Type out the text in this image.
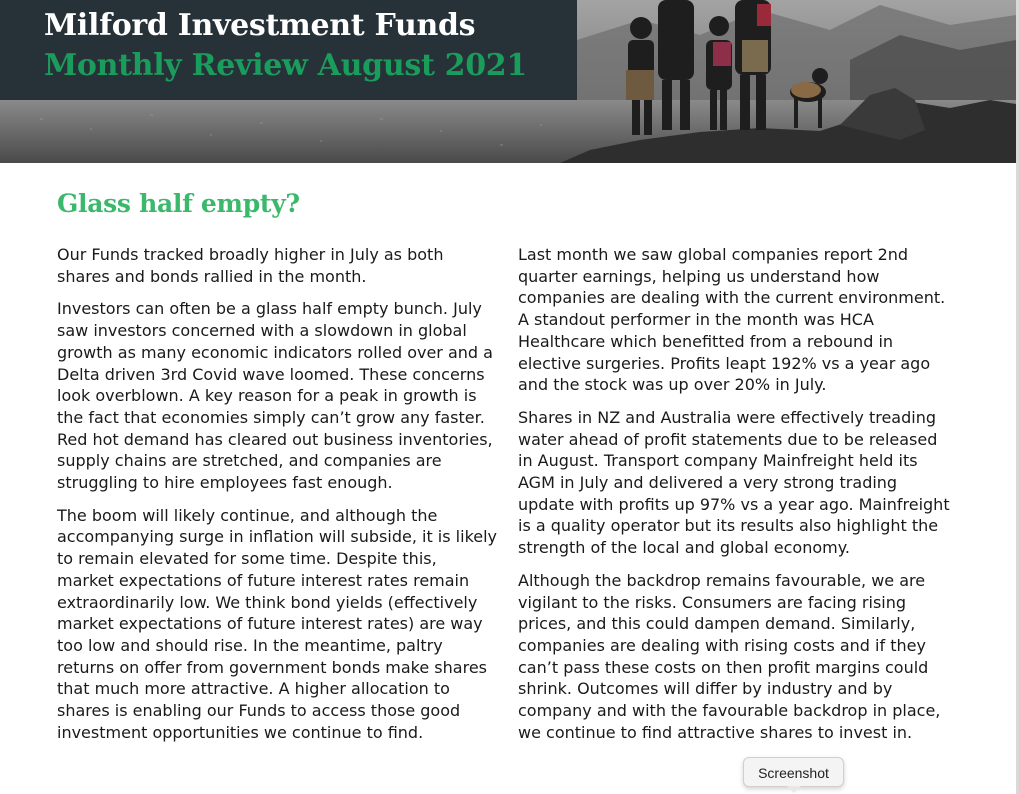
Milford Investment Funds
Monthly Review August 2021
Glass half empty?

Our Funds tracked broadly higher in July as both shares and bonds rallied in the month.

Investors can often be a glass half empty bunch. July saw investors concerned with a slowdown in global growth as many economic indicators rolled over and a Delta driven 3rd Covid wave loomed. These concerns look overblown. A key reason for a peak in growth is the fact that economies simply can’t grow any faster. Red hot demand has cleared out business inventories, supply chains are stretched, and companies are struggling to hire employees fast enough.

The boom will likely continue, and although the accompanying surge in inflation will subside, it is likely to remain elevated for some time. Despite this, market expectations of future interest rates remain extraordinarily low. We think bond yields (effectively market expectations of future interest rates) are way too low and should rise. In the meantime, paltry returns on offer from government bonds make shares that much more attractive. A higher allocation to shares is enabling our Funds to access those good investment opportunities we continue to find.

Last month we saw global companies report 2nd quarter earnings, helping us understand how companies are dealing with the current environment. A standout performer in the month was HCA Healthcare which benefitted from a rebound in elective surgeries. Profits leapt 192% vs a year ago and the stock was up over 20% in July.

Shares in NZ and Australia were effectively treading water ahead of profit statements due to be released in August. Transport company Mainfreight held its AGM in July and delivered a very strong trading update with profits up 97% vs a year ago. Mainfreight is a quality operator but its results also highlight the strength of the local and global economy.

Although the backdrop remains favourable, we are vigilant to the risks. Consumers are facing rising prices, and this could dampen demand. Similarly, companies are dealing with rising costs and if they can’t pass these costs on then profit margins could shrink. Outcomes will differ by industry and by company and with the favourable backdrop in place, we continue to find attractive shares to invest in.

Screenshot
